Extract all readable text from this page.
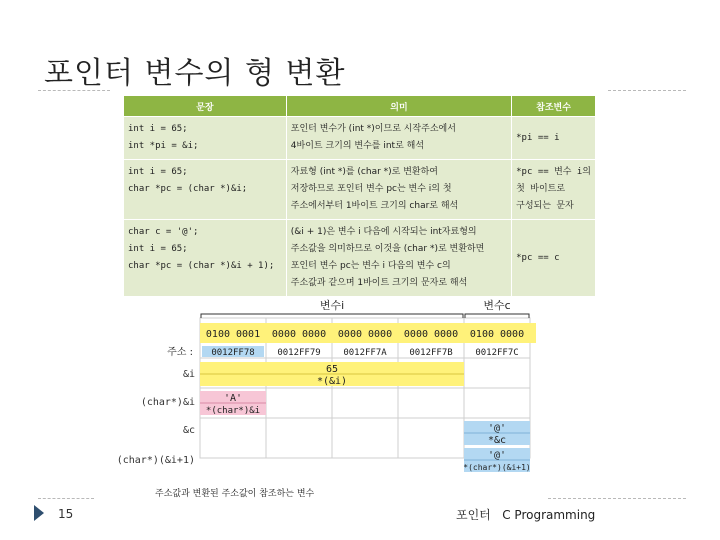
포인터 변수의 형 변환
문장	의미	참조변수

int i = 65;
int *pi = &i;	포인터 변수가 (int *)이므로 시작주소에서
4바이트 크기의 변수를 int로 해석	*pi == i

int i = 65;
char *pc = (char *)&i;	자료형 (int *)를 (char *)로 변환하여
저장하므로 포인터 변수 pc는 변수 i의 첫
주소에서부터 1바이트 크기의 char로 해석	*pc == 변수 i의
첫 바이트로
구성되는 문자

char c = '@';
int i = 65;
char *pc = (char *)&i + 1);	(&i + 1)은 변수 i 다음에 시작되는 int자료형의
주소값을 의미하므로 이것을 (char *)로 변환하면
포인터 변수 pc는 변수 i 다음의 변수 c의
주소값과 같으며 1바이트 크기의 문자로 해석	*pc == c
변수i	변수c
0100 0001 0000 0000 0000 0000 0000 0000 0100 0000
주소 : 0012FF78	0012FF79	0012FF7A	0012FF7B	0012FF7C
&i
(char*)&i
&c
(char*)(&i+1)
65
*(&i)
'A'
*(char*)&i
'@'
*&c
'@'
*(char*)(&i+1)
주소값과 변환된 주소값이 참조하는 변수
15	포인터   C Programming
